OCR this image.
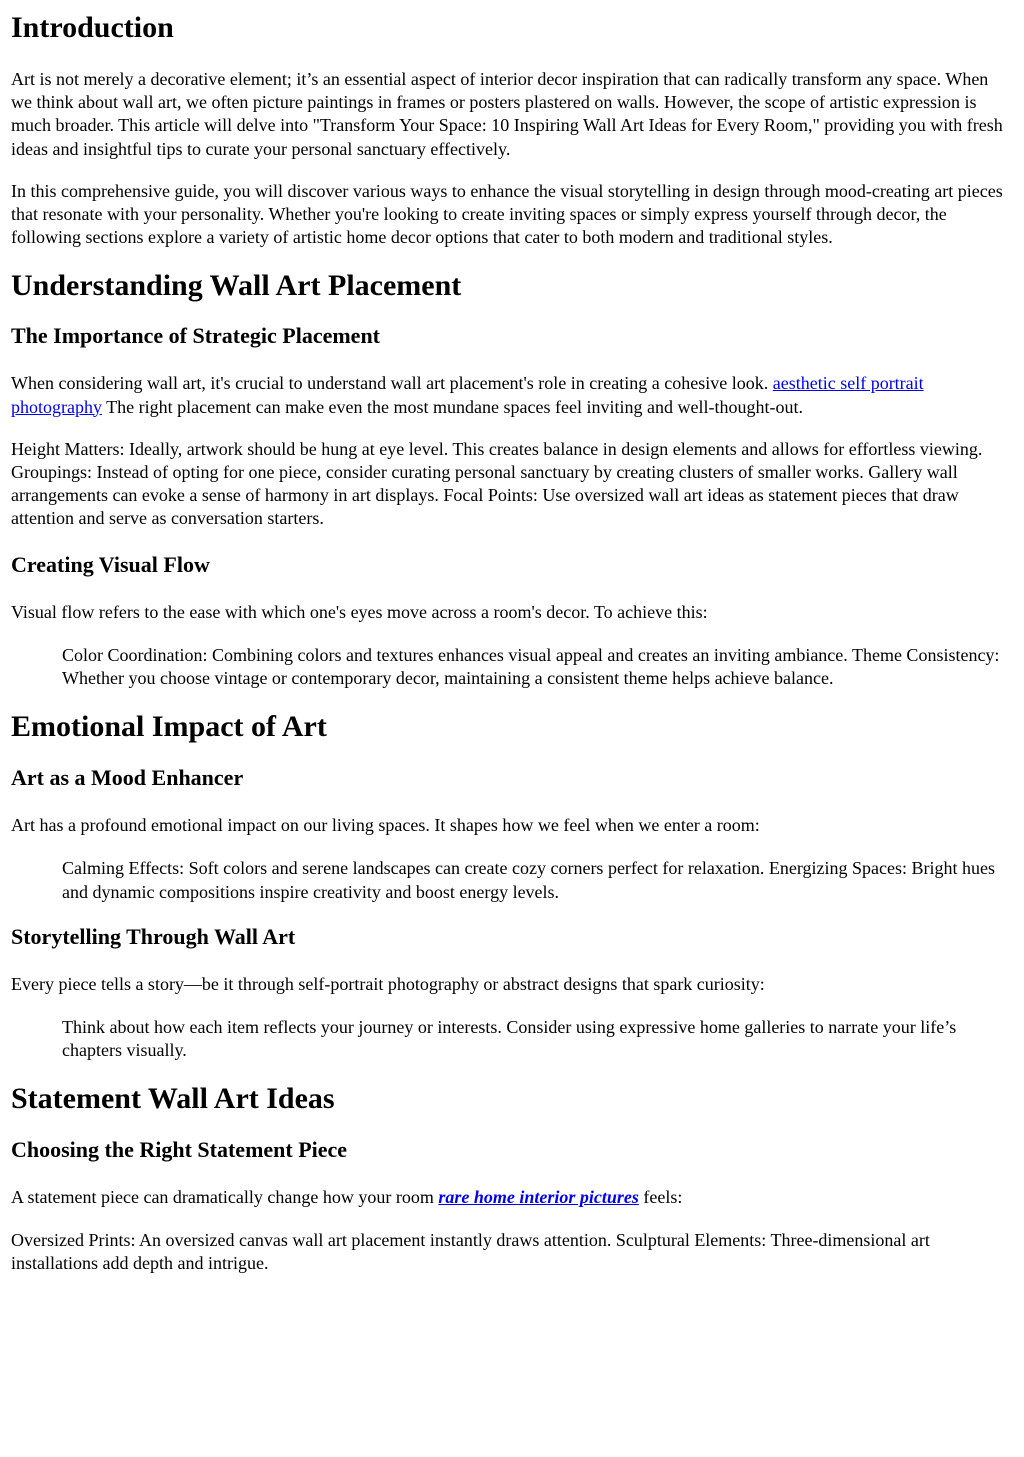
Introduction

Art is not merely a decorative element; it’s an essential aspect of interior decor inspiration that can radically transform any space. When we think about wall art, we often picture paintings in frames or posters plastered on walls. However, the scope of artistic expression is much broader. This article will delve into "Transform Your Space: 10 Inspiring Wall Art Ideas for Every Room," providing you with fresh ideas and insightful tips to curate your personal sanctuary effectively.

In this comprehensive guide, you will discover various ways to enhance the visual storytelling in design through mood-creating art pieces that resonate with your personality. Whether you're looking to create inviting spaces or simply express yourself through decor, the following sections explore a variety of artistic home decor options that cater to both modern and traditional styles.

Understanding Wall Art Placement
The Importance of Strategic Placement

When considering wall art, it's crucial to understand wall art placement's role in creating a cohesive look. aesthetic self portrait photography The right placement can make even the most mundane spaces feel inviting and well-thought-out.

Height Matters: Ideally, artwork should be hung at eye level. This creates balance in design elements and allows for effortless viewing. Groupings: Instead of opting for one piece, consider curating personal sanctuary by creating clusters of smaller works. Gallery wall arrangements can evoke a sense of harmony in art displays. Focal Points: Use oversized wall art ideas as statement pieces that draw attention and serve as conversation starters.

Creating Visual Flow

Visual flow refers to the ease with which one's eyes move across a room's decor. To achieve this:

Color Coordination: Combining colors and textures enhances visual appeal and creates an inviting ambiance. Theme Consistency: Whether you choose vintage or contemporary decor, maintaining a consistent theme helps achieve balance.

Emotional Impact of Art
Art as a Mood Enhancer

Art has a profound emotional impact on our living spaces. It shapes how we feel when we enter a room:

Calming Effects: Soft colors and serene landscapes can create cozy corners perfect for relaxation. Energizing Spaces: Bright hues and dynamic compositions inspire creativity and boost energy levels.

Storytelling Through Wall Art

Every piece tells a story—be it through self-portrait photography or abstract designs that spark curiosity:

Think about how each item reflects your journey or interests. Consider using expressive home galleries to narrate your life’s chapters visually.

Statement Wall Art Ideas
Choosing the Right Statement Piece

A statement piece can dramatically change how your room rare home interior pictures feels:

Oversized Prints: An oversized canvas wall art placement instantly draws attention. Sculptural Elements: Three-dimensional art installations add depth and intrigue.
